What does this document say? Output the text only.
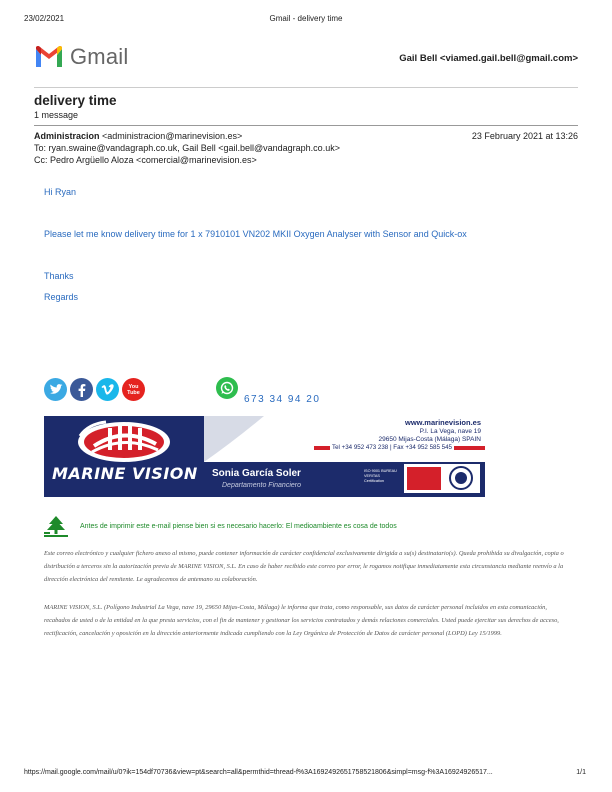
23/02/2021	Gmail - delivery time
Gmail	Gail Bell <viamed.gail.bell@gmail.com>
delivery time
1 message
Administracion <administracion@marinevision.es>	23 February 2021 at 13:26
To: ryan.swaine@vandagraph.co.uk, Gail Bell <gail.bell@vandagraph.co.uk>
Cc: Pedro Argüello Aloza <comercial@marinevision.es>
Hi Ryan
Please let me know delivery time for 1 x 7910101 VN202 MKII Oxygen Analyser with Sensor and Quick-ox
Thanks
Regards
You Tube
673 34 94 20
MARINE VISION
www.marinevision.es
P.I. La Vega, nave 19
29650 Mijas-Costa (Málaga) SPAIN
Tel +34 952 473 238 | Fax +34 952 585 545
Sonia García Soler
Departamento Financiero
ISO 9001 BUREAU VERITAS Certification
Antes de imprimir este e-mail piense bien si es necesario hacerlo: El medioambiente es cosa de todos
Este correo electrónico y cualquier fichero anexo al mismo, puede contener información de carácter confidencial exclusivamente dirigida a su(s) destinatario(s). Queda prohibida su divulgación, copia o distribución a terceros sin la autorización previa de MARINE VISION, S.L. En caso de haber recibido este correo por error, le rogamos notifique inmediatamente esta circunstancia mediante reenvío a la dirección electrónica del remitente. Le agradecemos de antemano su colaboración.
MARINE VISION, S.L. (Polígono Industrial La Vega, nave 19, 29650 Mijas-Costa, Málaga) le informa que trata, como responsable, sus datos de carácter personal incluidos en esta comunicación, recabados de usted o de la entidad en la que presta servicios, con el fin de mantener y gestionar los servicios contratados y demás relaciones comerciales. Usted puede ejercitar sus derechos de acceso, rectificación, cancelación y oposición en la dirección anteriormente indicada cumpliendo con la Ley Orgánica de Protección de Datos de carácter personal (LOPD) Ley 15/1999.
https://mail.google.com/mail/u/0?ik=154df70736&view=pt&search=all&permthid=thread-f%3A1692492651758521806&simpl=msg-f%3A16924926517...	1/1
